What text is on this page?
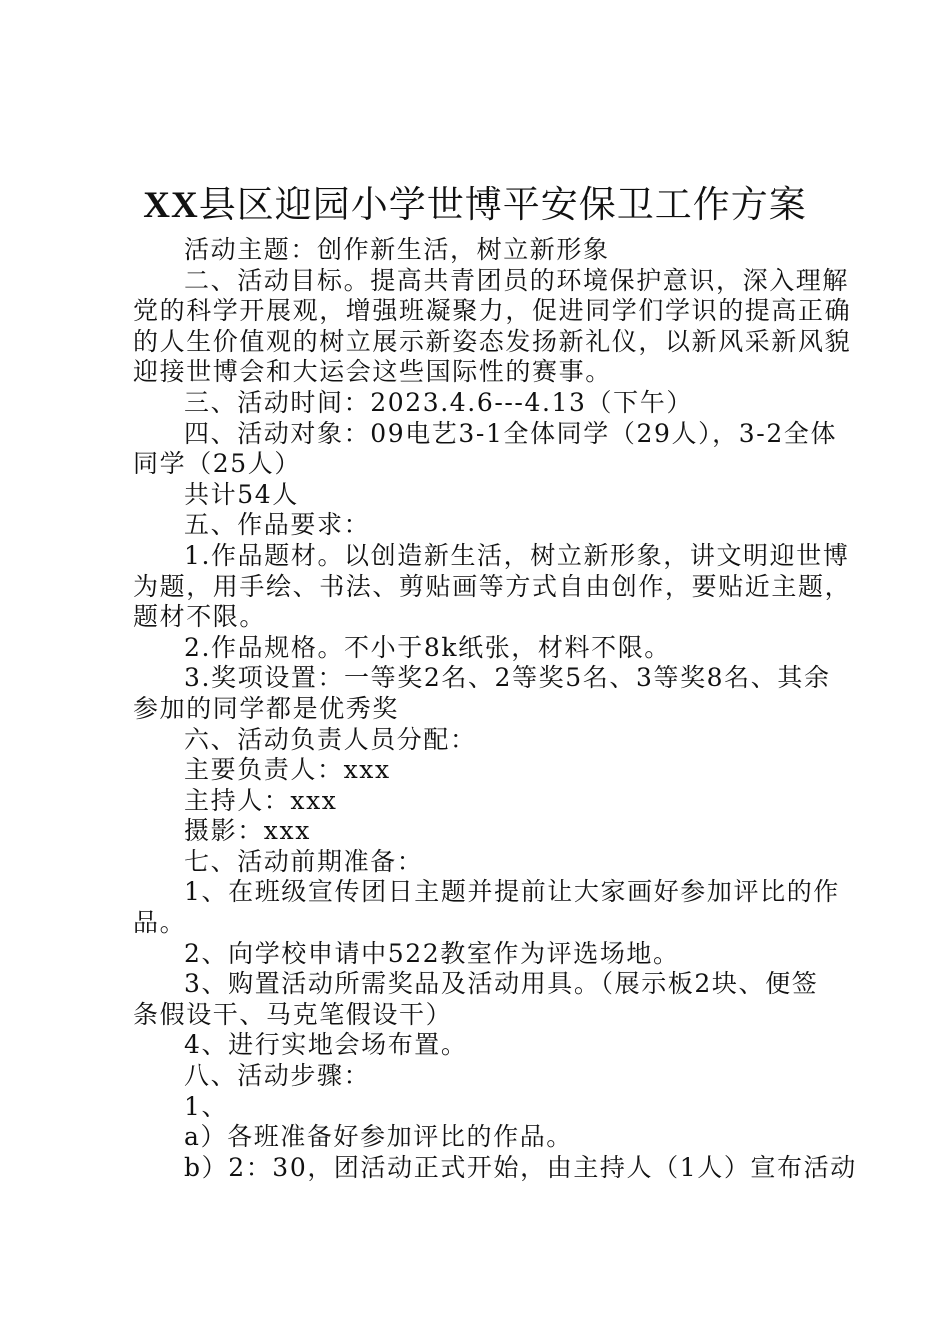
XX县区迎园小学世博平安保卫工作方案
活动主题：创作新生活，树立新形象
二、活动目标。提高共青团员的环境保护意识，深入理解
党的科学开展观，增强班凝聚力，促进同学们学识的提高正确
的人生价值观的树立展示新姿态发扬新礼仪，以新风采新风貌
迎接世博会和大运会这些国际性的赛事。
三、活动时间：2023.4.6---4.13（下午）
四、活动对象：09电艺3-1全体同学（29人），3-2全体
同学（25人）
共计54人
五、作品要求：
1.作品题材。以创造新生活，树立新形象，讲文明迎世博
为题，用手绘、书法、剪贴画等方式自由创作，要贴近主题，
题材不限。
2.作品规格。不小于8k纸张，材料不限。
3.奖项设置：一等奖2名、2等奖5名、3等奖8名、其余
参加的同学都是优秀奖
六、活动负责人员分配：
主要负责人：xxx
主持人：xxx
摄影：xxx
七、活动前期准备：
1、在班级宣传团日主题并提前让大家画好参加评比的作
品。
2、向学校申请中522教室作为评选场地。
3、购置活动所需奖品及活动用具。（展示板2块、便签
条假设干、马克笔假设干）
4、进行实地会场布置。
八、活动步骤：
1、
a）各班准备好参加评比的作品。
b）2：30，团活动正式开始，由主持人（1人）宣布活动
